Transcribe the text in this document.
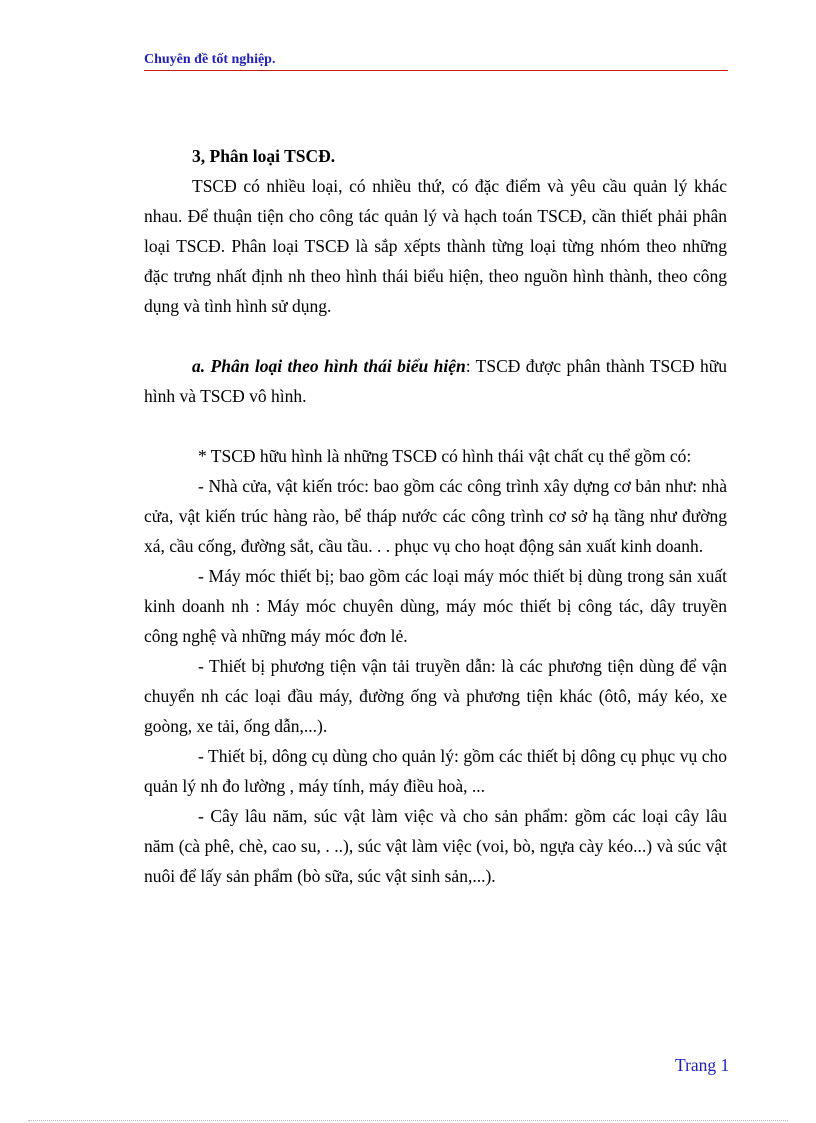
Chuyên đề tốt nghiệp.

3, Phân loại TSCĐ.

TSCĐ có nhiều loại, có nhiều thứ, có đặc điểm và yêu cầu quản lý khác nhau. Để thuận tiện cho công tác quản lý và hạch toán TSCĐ, cần thiết phải phân loại TSCĐ. Phân loại TSCĐ là sắp xếpts thành từng loại từng nhóm theo những đặc trưng nhất định nh theo hình thái biểu hiện, theo nguồn hình thành, theo công dụng và tình hình sử dụng.

a. Phân loại theo hình thái biểu hiện: TSCĐ được phân thành TSCĐ hữu hình và TSCĐ vô hình.

* TSCĐ hữu hình là những TSCĐ có hình thái vật chất cụ thể gồm có:

- Nhà cửa, vật kiến tróc: bao gồm các công trình xây dựng cơ bản như: nhà cửa, vật kiến trúc hàng rào, bể tháp nước các công trình cơ sở hạ tầng như đường xá, cầu cống, đường sắt, cầu tầu. . . phục vụ cho hoạt động sản xuất kinh doanh.

- Máy móc thiết bị; bao gồm các loại máy móc thiết bị dùng trong sản xuất kinh doanh nh : Máy móc chuyên dùng, máy móc thiết bị công tác, dây truyền công nghệ và những máy móc đơn lẻ.

- Thiết bị phương tiện vận tải truyền dẫn: là các phương tiện dùng để vận chuyển nh các loại đầu máy, đường ống và phương tiện khác (ôtô, máy kéo, xe goòng, xe tải, ống dẫn,...).

- Thiết bị, dông cụ dùng cho quản lý: gồm các thiết bị dông cụ phục vụ cho quản lý nh đo lường , máy tính, máy điều hoà, ...

- Cây lâu năm, súc vật làm việc và cho sản phẩm: gồm các loại cây lâu năm (cà phê, chè, cao su, . ..), súc vật làm việc (voi, bò, ngựa cày kéo...) và súc vật nuôi để lấy sản phẩm (bò sữa, súc vật sinh sản,...).

Trang 1
